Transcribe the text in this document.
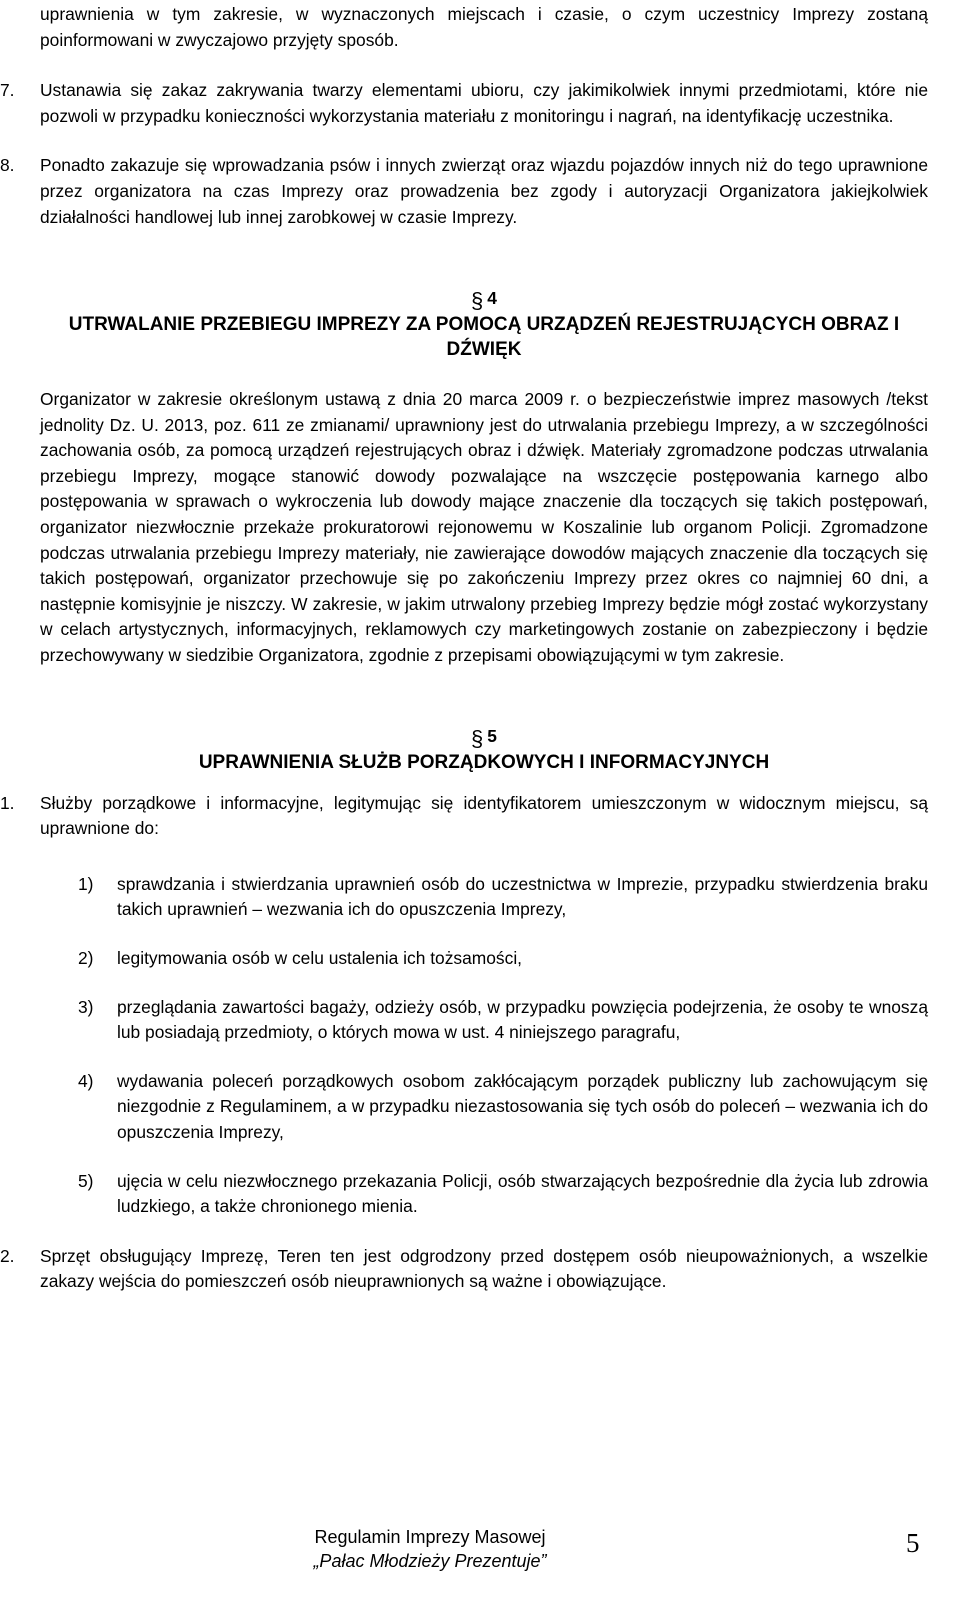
uprawnienia w tym zakresie, w wyznaczonych miejscach i czasie, o czym uczestnicy Imprezy zostaną poinformowani w zwyczajowo przyjęty sposób.

7.	Ustanawia się zakaz zakrywania twarzy elementami ubioru, czy jakimikolwiek innymi przedmiotami, które nie pozwoli w przypadku konieczności wykorzystania materiału z monitoringu i nagrań, na identyfikację uczestnika.

8.	Ponadto zakazuje się wprowadzania psów i innych zwierząt oraz wjazdu pojazdów innych niż do tego uprawnione przez organizatora na czas Imprezy oraz prowadzenia bez zgody i autoryzacji Organizatora jakiejkolwiek działalności handlowej lub innej zarobkowej w czasie Imprezy.

§ 4
UTRWALANIE PRZEBIEGU IMPREZY ZA POMOCĄ URZĄDZEŃ REJESTRUJĄCYCH OBRAZ I DŹWIĘK

Organizator w zakresie określonym ustawą z dnia 20 marca 2009 r. o bezpieczeństwie imprez masowych /tekst jednolity Dz. U. 2013, poz. 611 ze zmianami/ uprawniony jest do utrwalania przebiegu Imprezy, a w szczególności zachowania osób, za pomocą urządzeń rejestrujących obraz i dźwięk. Materiały zgromadzone podczas utrwalania przebiegu Imprezy, mogące stanowić dowody pozwalające na wszczęcie postępowania karnego albo postępowania w sprawach o wykroczenia lub dowody mające znaczenie dla toczących się takich postępowań, organizator niezwłocznie przekaże prokuratorowi rejonowemu w Koszalinie lub organom Policji. Zgromadzone podczas utrwalania przebiegu Imprezy materiały, nie zawierające dowodów mających znaczenie dla toczących się takich postępowań, organizator przechowuje się po zakończeniu Imprezy przez okres co najmniej 60 dni, a następnie komisyjnie je niszczy. W zakresie, w jakim utrwalony przebieg Imprezy będzie mógł zostać wykorzystany w celach artystycznych, informacyjnych, reklamowych czy marketingowych zostanie on zabezpieczony i będzie przechowywany w siedzibie Organizatora, zgodnie z przepisami obowiązującymi w tym zakresie.

§ 5
UPRAWNIENIA SŁUŻB PORZĄDKOWYCH I INFORMACYJNYCH
1.	Służby porządkowe i informacyjne, legitymując się identyfikatorem umieszczonym w widocznym miejscu, są uprawnione do:

1)	sprawdzania i stwierdzania uprawnień osób do uczestnictwa w Imprezie, przypadku stwierdzenia braku takich uprawnień – wezwania ich do opuszczenia Imprezy,
2)	legitymowania osób w celu ustalenia ich tożsamości,
3)	przeglądania zawartości bagaży, odzieży osób, w przypadku powzięcia podejrzenia, że osoby te wnoszą lub posiadają przedmioty, o których mowa w ust. 4 niniejszego paragrafu,
4)	wydawania poleceń porządkowych osobom zakłócającym porządek publiczny lub zachowującym się niezgodnie z Regulaminem, a w przypadku niezastosowania się tych osób do poleceń – wezwania ich do opuszczenia Imprezy,
5)	ujęcia w celu niezwłocznego przekazania Policji, osób stwarzających bezpośrednie dla życia lub zdrowia ludzkiego, a także chronionego mienia.
2.	Sprzęt obsługujący Imprezę, Teren ten jest odgrodzony przed dostępem osób nieupoważnionych, a wszelkie zakazy wejścia do pomieszczeń osób nieuprawnionych są ważne i obowiązujące.

Regulamin Imprezy Masowej
„Pałac Młodzieży Prezentuje”
5
